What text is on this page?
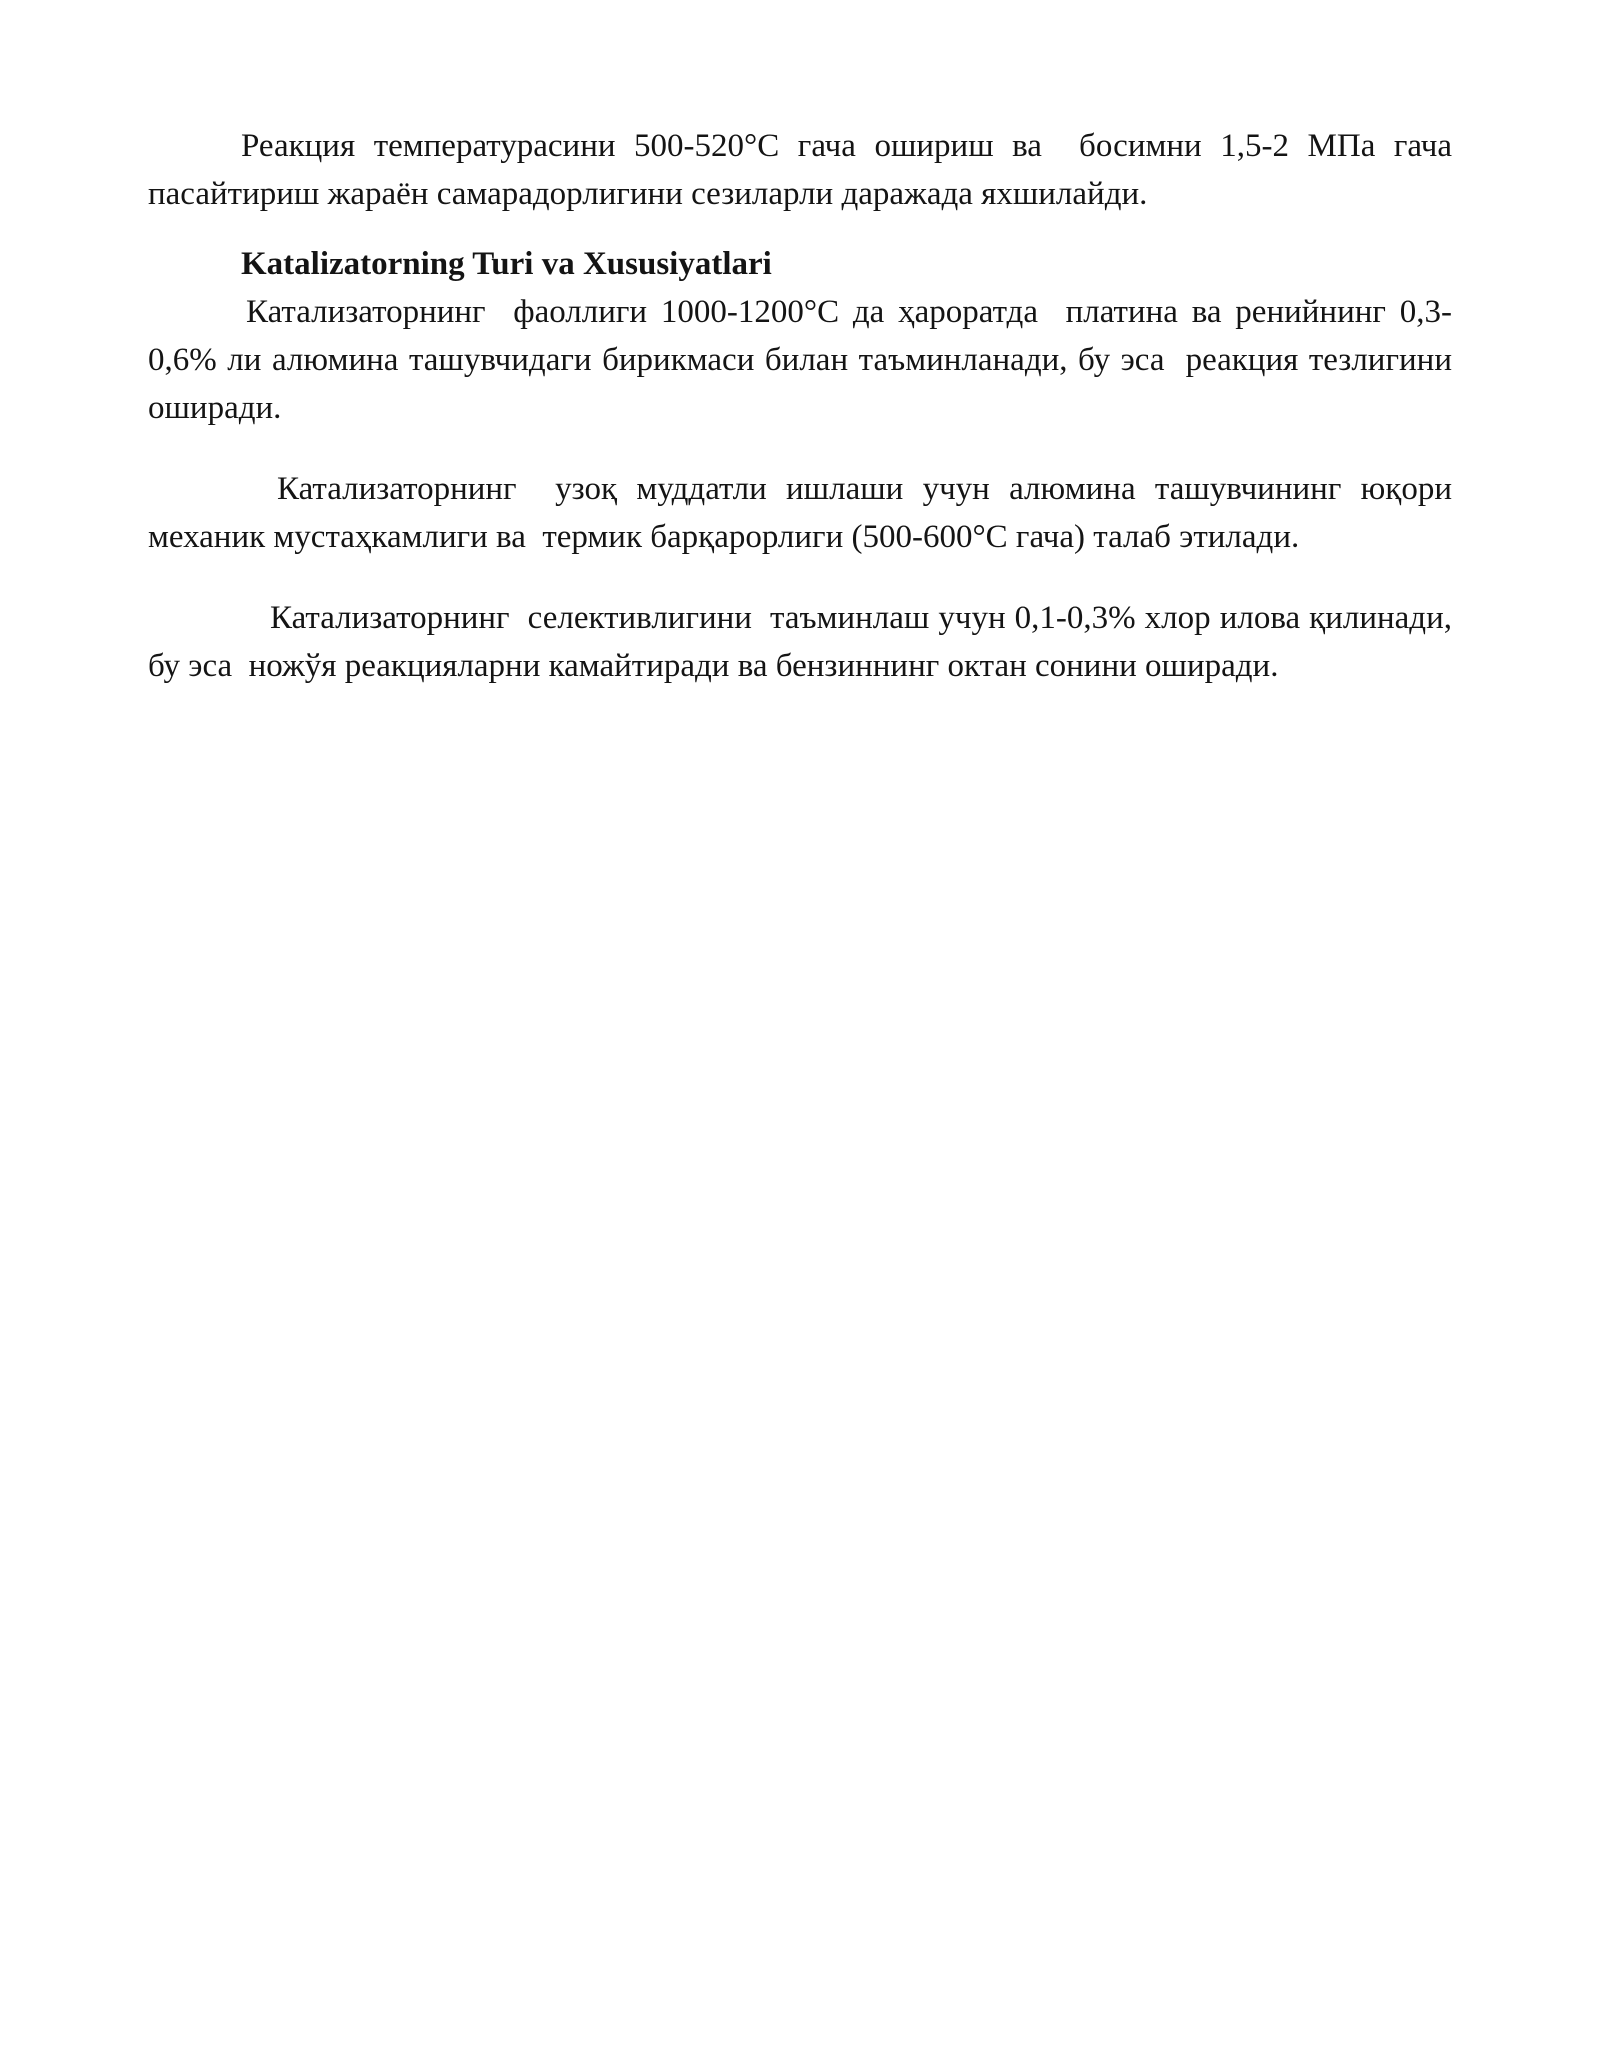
Реакция температурасини 500-520°С гача ошириш ва  босимни 1,5-2 МПа гача пасайтириш жараён самарадорлигини сезиларли даражада яхшилайди.

Katalizatorning Turi va Xususiyatlari

Катализаторнинг  фаоллиги 1000-1200°С да ҳароратда  платина ва ренийнинг 0,3-0,6% ли алюмина ташувчидаги бирикмаси билан таъминланади, бу эса  реакция тезлигини оширади.

Катализаторнинг  узоқ муддатли ишлаши учун алюмина ташувчининг юқори механик мустаҳкамлиги ва  термик барқарорлиги (500-600°С гача) талаб этилади.

Катализаторнинг  селективлигини  таъминлаш учун 0,1-0,3% хлор илова қилинади, бу эса  ножўя реакцияларни камайтиради ва бензиннинг октан сонини оширади.
